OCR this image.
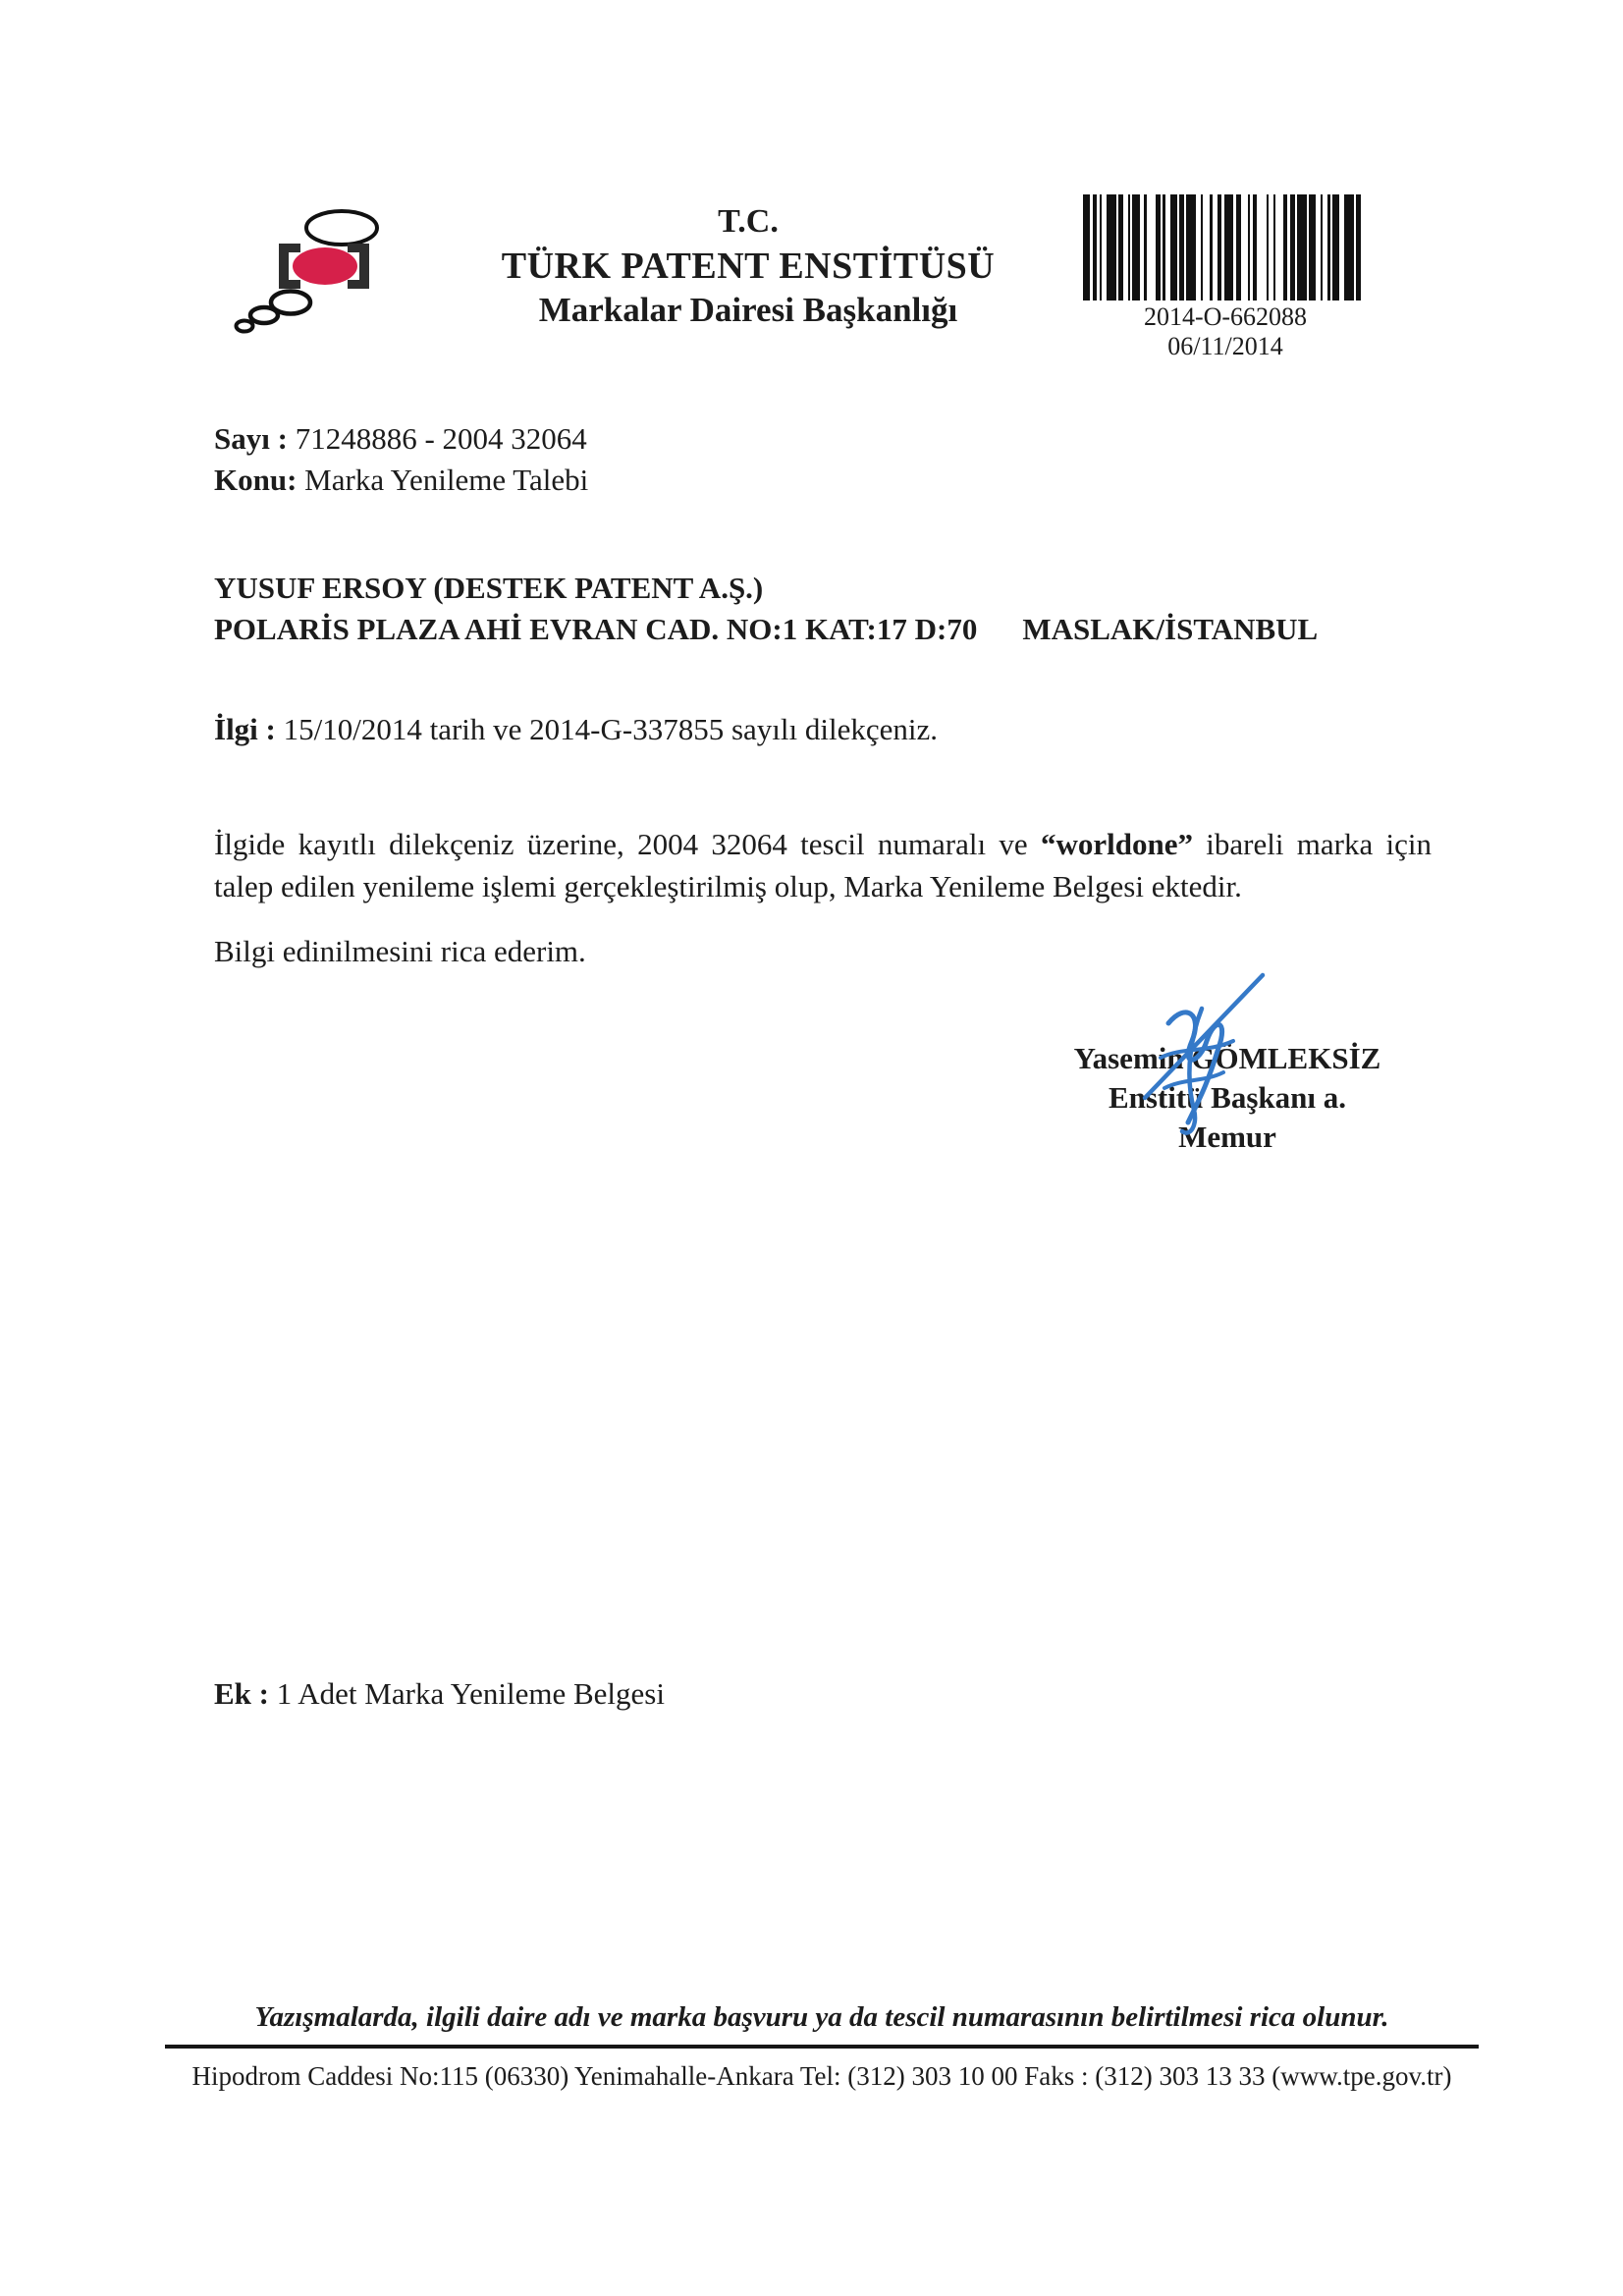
T.C.
TÜRK PATENT ENSTİTÜSÜ
Markalar Dairesi Başkanlığı	2014-O-662088
06/11/2014
Sayı : 71248886 - 2004 32064
Konu: Marka Yenileme Talebi
YUSUF ERSOY (DESTEK PATENT A.Ş.)
POLARİS PLAZA AHİ EVRAN CAD. NO:1 KAT:17 D:70 MASLAK/İSTANBUL
İlgi : 15/10/2014 tarih ve 2014-G-337855 sayılı dilekçeniz.
İlgide kayıtlı dilekçeniz üzerine, 2004 32064 tescil numaralı ve “worldone” ibareli marka için talep edilen yenileme işlemi gerçekleştirilmiş olup, Marka Yenileme Belgesi ektedir.
Bilgi edinilmesini rica ederim.
Yasemin GÖMLEKSİZ
Enstitü Başkanı a.
Memur
Ek : 1 Adet Marka Yenileme Belgesi
Yazışmalarda, ilgili daire adı ve marka başvuru ya da tescil numarasının belirtilmesi rica olunur.
Hipodrom Caddesi No:115 (06330) Yenimahalle-Ankara Tel: (312) 303 10 00 Faks : (312) 303 13 33 (www.tpe.gov.tr)
